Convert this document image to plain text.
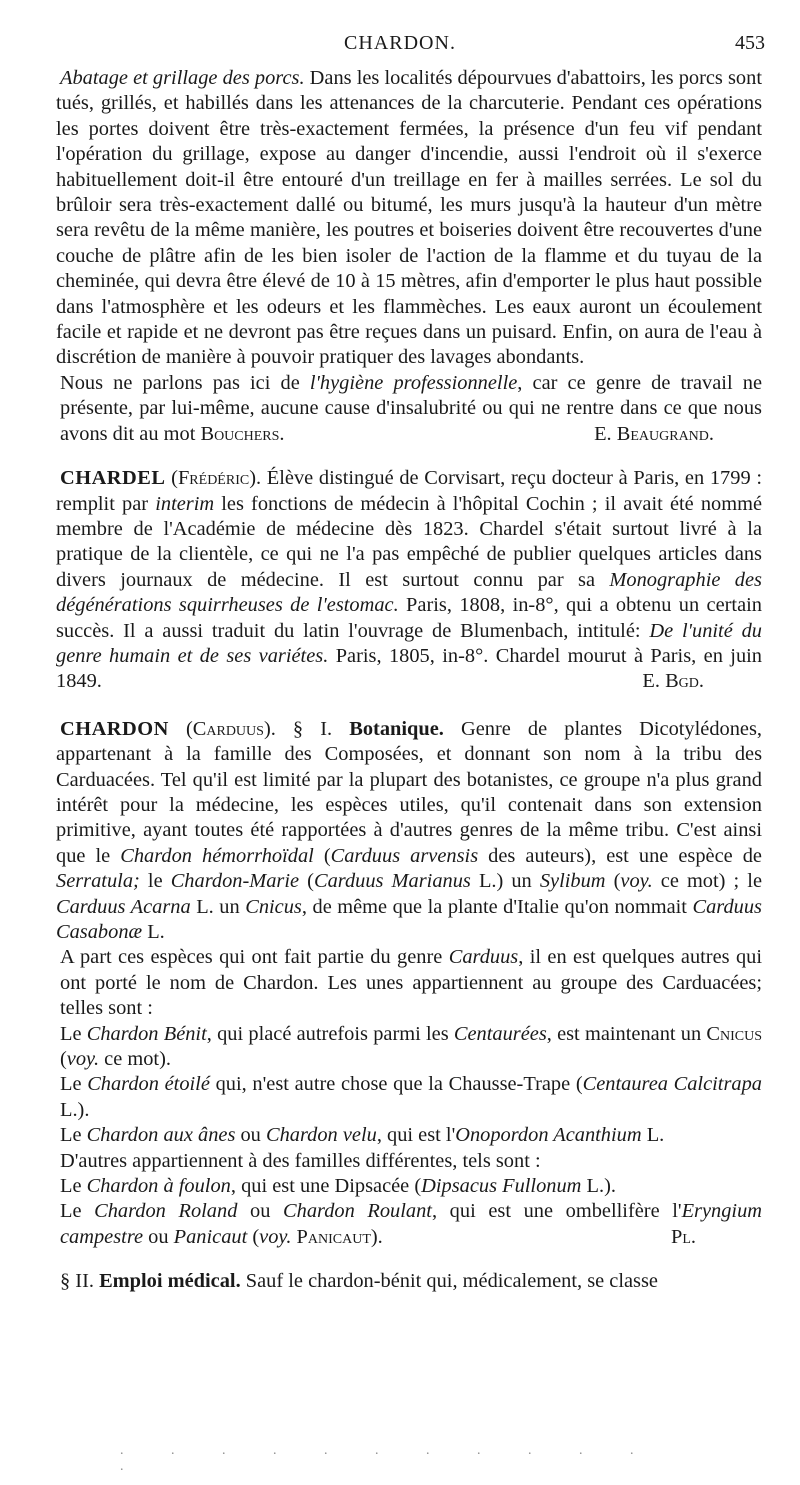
CHARDON.	453

Abatage et grillage des porcs. Dans les localités dépourvues d'abattoirs, les porcs sont tués, grillés, et habillés dans les attenances de la charcuterie. Pendant ces opérations les portes doivent être très-exactement fermées, la présence d'un feu vif pendant l'opération du grillage, expose au danger d'incendie, aussi l'endroit où il s'exerce habituellement doit-il être entouré d'un treillage en fer à mailles serrées. Le sol du brûloir sera très-exactement dallé ou bitumé, les murs jusqu'à la hauteur d'un mètre sera revêtu de la même manière, les poutres et boiseries doivent être recouvertes d'une couche de plâtre afin de les bien isoler de l'action de la flamme et du tuyau de la cheminée, qui devra être élevé de 10 à 15 mètres, afin d'emporter le plus haut possible dans l'atmosphère et les odeurs et les flammèches. Les eaux auront un écoulement facile et rapide et ne devront pas être reçues dans un puisard. Enfin, on aura de l'eau à discrétion de manière à pouvoir pratiquer des lavages abondants.

Nous ne parlons pas ici de l'hygiène professionnelle, car ce genre de travail ne présente, par lui-même, aucune cause d'insalubrité ou qui ne rentre dans ce que nous avons dit au mot Bouchers.	E. Beaugrand.

CHARDEL (Frédéric). Élève distingué de Corvisart, reçu docteur à Paris, en 1799 : remplit par interim les fonctions de médecin à l'hôpital Cochin ; il avait été nommé membre de l'Académie de médecine dès 1823. Chardel s'était surtout livré à la pratique de la clientèle, ce qui ne l'a pas empêché de publier quelques articles dans divers journaux de médecine. Il est surtout connu par sa Monographie des dégénérations squirrheuses de l'estomac. Paris, 1808, in-8°, qui a obtenu un certain succès. Il a aussi traduit du latin l'ouvrage de Blumenbach, intitulé: De l'unité du genre humain et de ses variétes. Paris, 1805, in-8°. Chardel mourut à Paris, en juin 1849.	E. Bgd.

CHARDON (Carduus). § I. Botanique. Genre de plantes Dicotylédones, appartenant à la famille des Composées, et donnant son nom à la tribu des Carduacées. Tel qu'il est limité par la plupart des botanistes, ce groupe n'a plus grand intérêt pour la médecine, les espèces utiles, qu'il contenait dans son extension primitive, ayant toutes été rapportées à d'autres genres de la même tribu. C'est ainsi que le Chardon hémorrhoïdal (Carduus arvensis des auteurs), est une espèce de Serratula; le Chardon-Marie (Carduus Marianus L.) un Sylibum (voy. ce mot) ; le Carduus Acarna L. un Cnicus, de même que la plante d'Italie qu'on nommait Carduus Casabonæ L.

A part ces espèces qui ont fait partie du genre Carduus, il en est quelques autres qui ont porté le nom de Chardon. Les unes appartiennent au groupe des Carduacées; telles sont :

Le Chardon Bénit, qui placé autrefois parmi les Centaurées, est maintenant un Cnicus (voy. ce mot).

Le Chardon étoilé qui, n'est autre chose que la Chausse-Trape (Centaurea Calcitrapa L.).

Le Chardon aux ânes ou Chardon velu, qui est l'Onopordon Acanthium L.

D'autres appartiennent à des familles différentes, tels sont :

Le Chardon à foulon, qui est une Dipsacée (Dipsacus Fullonum L.).

Le Chardon Roland ou Chardon Roulant, qui est une ombellifère l'Eryngium campestre ou Panicaut (voy. Panicaut).	Pl.

§ II. Emploi médical. Sauf le chardon-bénit qui, médicalement, se classe

. . . . . . . . . . . .
